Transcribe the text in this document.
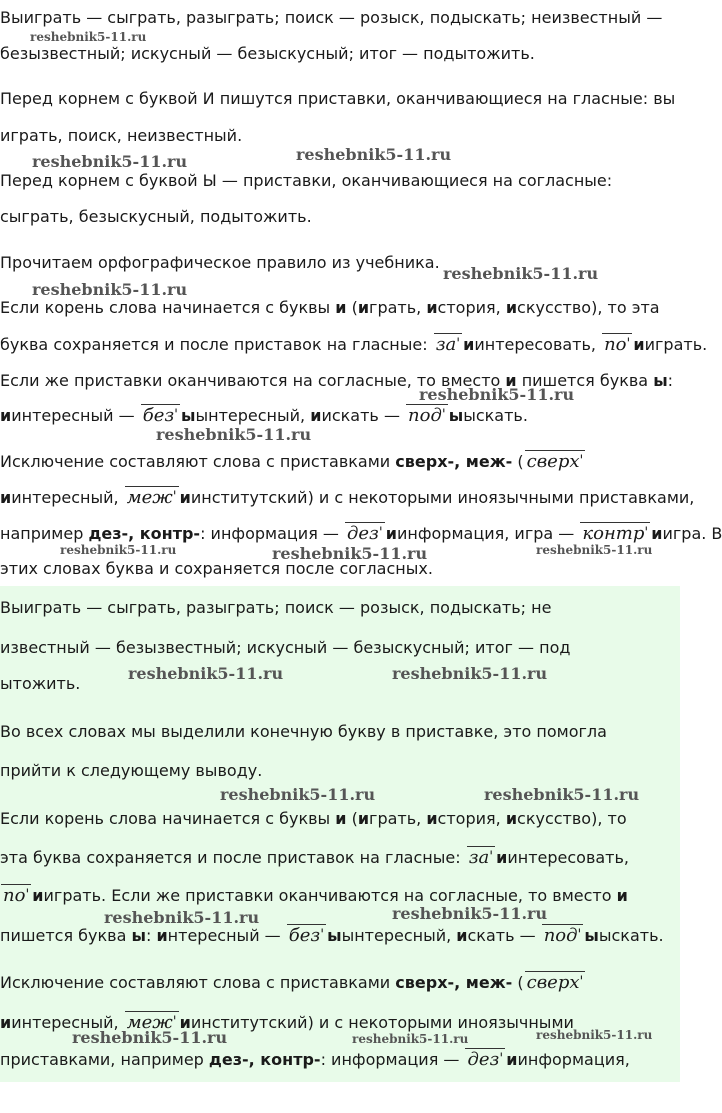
Выиграть — сыграть, разыграть; поиск — розыск, подыскать; неизвестный —
безызвестный; искусный — безыскусный; итог — подытожить.
Перед корнем с буквой И пишутся приставки, оканчивающиеся на гласные: вы
играть, поиск, неизвестный.
Перед корнем с буквой Ы — приставки, оканчивающиеся на согласные:
сыграть, безыскусный, подытожить.
Прочитаем орфографическое правило из учебника.
Если корень слова начинается с буквы и (играть, история, искусство), то эта
буква сохраняется и после приставок на гласные: за ' иинтересовать, по ' ииграть.
Если же приставки оканчиваются на согласные, то вместо и пишется буква ы:
иинтересный — без ' ыынтересный, иискать — под ' ыыскать.
Исключение составляют слова с приставками сверх-, меж- ( сверх '
иинтересный, меж ' иинститутский) и с некоторыми иноязычными приставками,
например дез-, контр-: информация — дез ' иинформация, игра — контр ' иигра. В
этих словах буква и сохраняется после согласных.
Выиграть — сыграть, разыграть; поиск — розыск, подыскать; не
известный — безызвестный; искусный — безыскусный; итог — под
ытожить.
Во всех словах мы выделили конечную букву в приставке, это помогла
прийти к следующему выводу.
Если корень слова начинается с буквы и (играть, история, искусство), то
эта буква сохраняется и после приставок на гласные: за ' иинтересовать,
по ' ииграть. Если же приставки оканчиваются на согласные, то вместо и
пишется буква ы: интересный — без ' ыынтересный, искать — под ' ыыскать.
Исключение составляют слова с приставками сверх-, меж- ( сверх '
иинтересный, меж ' иинститутский) и с некоторыми иноязычными
приставками, например дез-, контр-: информация — дез ' иинформация,
reshebnik5-11.ru
reshebnik5-11.ru	reshebnik5-11.ru
reshebnik5-11.ru
reshebnik5-11.ru
reshebnik5-11.ru
reshebnik5-11.ru
reshebnik5-11.ru	reshebnik5-11.ru	reshebnik5-11.ru
reshebnik5-11.ru	reshebnik5-11.ru
reshebnik5-11.ru	reshebnik5-11.ru
reshebnik5-11.ru	reshebnik5-11.ru
reshebnik5-11.ru	reshebnik5-11.ru	reshebnik5-11.ru
